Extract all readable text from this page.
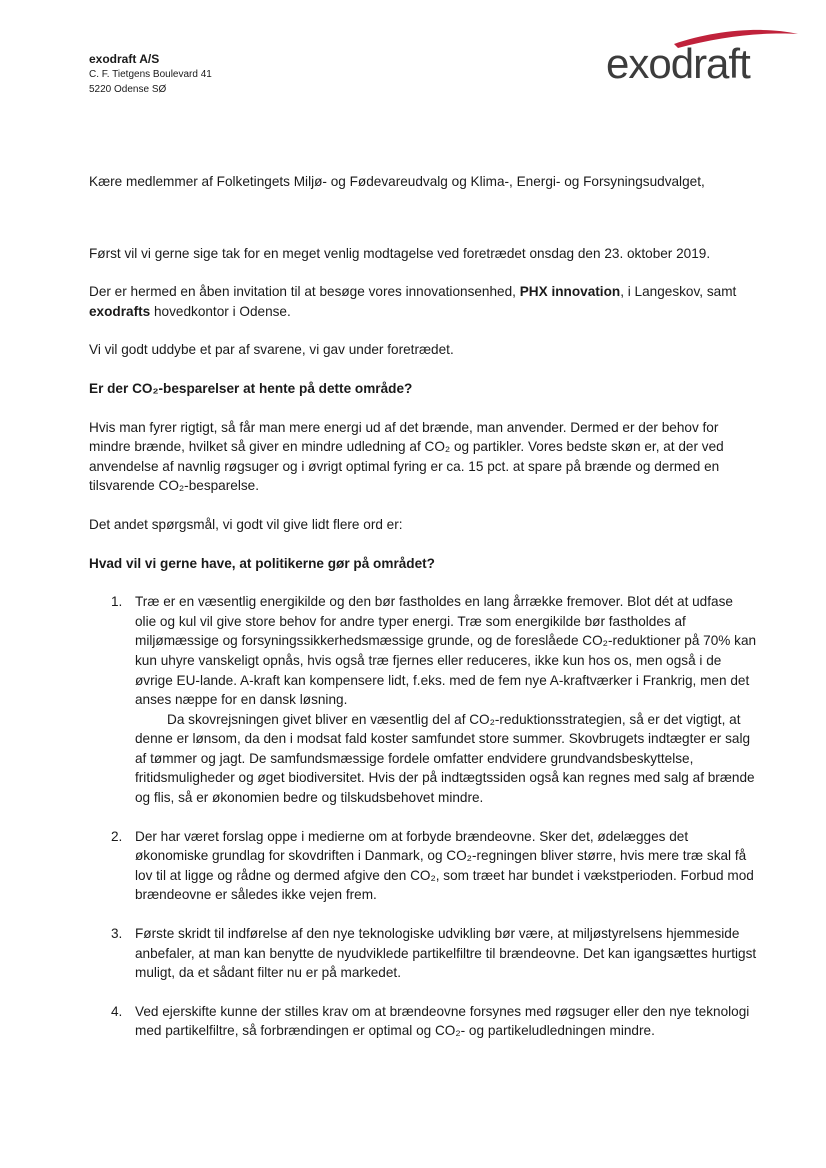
exodraft A/S
C. F. Tietgens Boulevard 41
5220 Odense SØ
exodraft

Kære medlemmer af Folketingets Miljø- og Fødevareudvalg og Klima-, Energi- og Forsyningsudvalget,

Først vil vi gerne sige tak for en meget venlig modtagelse ved foretrædet onsdag den 23. oktober 2019.

Der er hermed en åben invitation til at besøge vores innovationsenhed, PHX innovation, i Langeskov, samt exodrafts hovedkontor i Odense.

Vi vil godt uddybe et par af svarene, vi gav under foretrædet.

Er der CO₂-besparelser at hente på dette område?

Hvis man fyrer rigtigt, så får man mere energi ud af det brænde, man anvender. Dermed er der behov for mindre brænde, hvilket så giver en mindre udledning af CO₂ og partikler. Vores bedste skøn er, at der ved anvendelse af navnlig røgsuger og i øvrigt optimal fyring er ca. 15 pct. at spare på brænde og dermed en tilsvarende CO₂-besparelse.

Det andet spørgsmål, vi godt vil give lidt flere ord er:

Hvad vil vi gerne have, at politikerne gør på området?

1. Træ er en væsentlig energikilde og den bør fastholdes en lang årrække fremover. Blot dét at udfase olie og kul vil give store behov for andre typer energi. Træ som energikilde bør fastholdes af miljømæssige og forsyningssikkerhedsmæssige grunde, og de foreslåede CO₂-reduktioner på 70% kan kun uhyre vanskeligt opnås, hvis også træ fjernes eller reduceres, ikke kun hos os, men også i de øvrige EU-lande. A-kraft kan kompensere lidt, f.eks. med de fem nye A-kraftværker i Frankrig, men det anses næppe for en dansk løsning.

Da skovrejsningen givet bliver en væsentlig del af CO₂-reduktionsstrategien, så er det vigtigt, at denne er lønsom, da den i modsat fald koster samfundet store summer. Skovbrugets indtægter er salg af tømmer og jagt. De samfundsmæssige fordele omfatter endvidere grundvandsbeskyttelse, fritidsmuligheder og øget biodiversitet. Hvis der på indtægtssiden også kan regnes med salg af brænde og flis, så er økonomien bedre og tilskudsbehovet mindre.

2. Der har været forslag oppe i medierne om at forbyde brændeovne. Sker det, ødelægges det økonomiske grundlag for skovdriften i Danmark, og CO₂-regningen bliver større, hvis mere træ skal få lov til at ligge og rådne og dermed afgive den CO₂, som træet har bundet i vækstperioden. Forbud mod brændeovne er således ikke vejen frem.

3. Første skridt til indførelse af den nye teknologiske udvikling bør være, at miljøstyrelsens hjemmeside anbefaler, at man kan benytte de nyudviklede partikelfiltre til brændeovne. Det kan igangsættes hurtigst muligt, da et sådant filter nu er på markedet.

4. Ved ejerskifte kunne der stilles krav om at brændeovne forsynes med røgsuger eller den nye teknologi med partikelfiltre, så forbrændingen er optimal og CO₂- og partikeludledningen mindre.
